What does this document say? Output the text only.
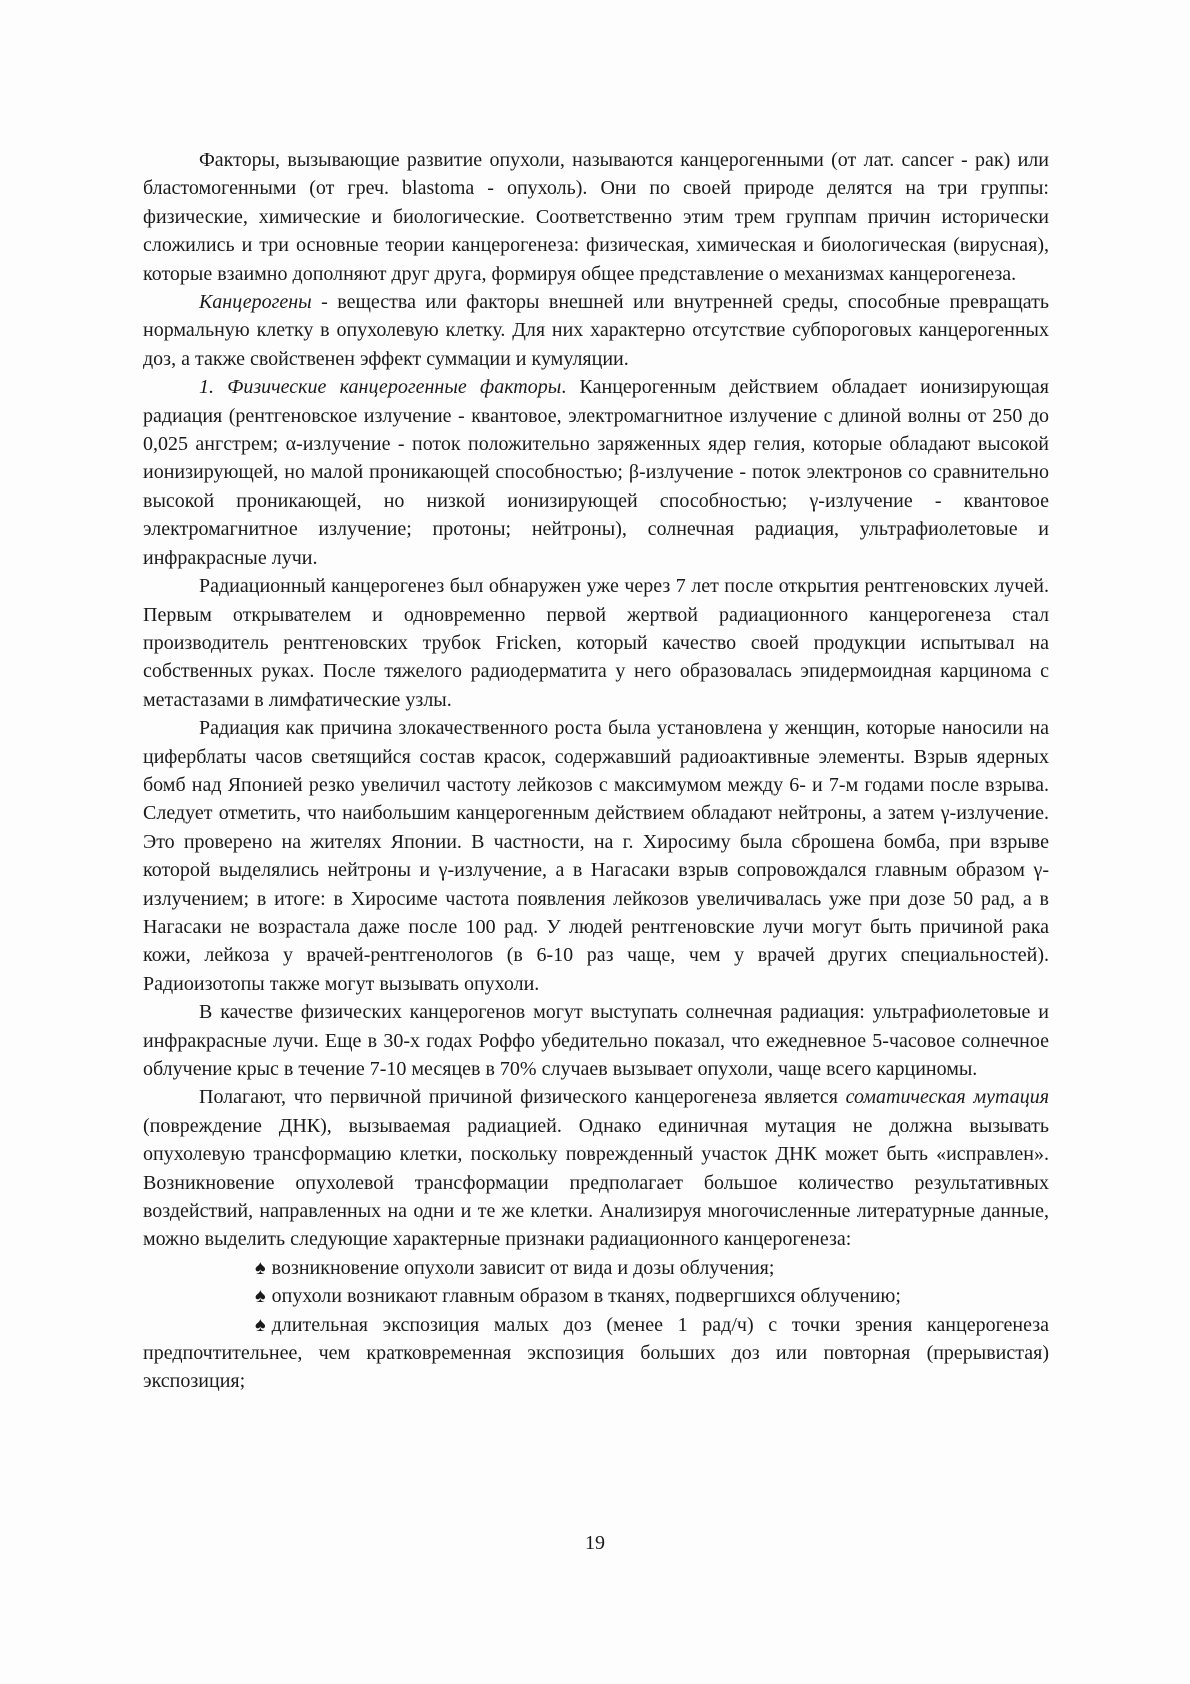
Факторы, вызывающие развитие опухоли, называются канцерогенными (от лат. cancer - рак) или бластомогенными (от греч. blastoma - опухоль). Они по своей природе делятся на три группы: физические, химические и биологические. Соответственно этим трем группам причин исторически сложились и три основные теории канцерогенеза: физическая, химическая и биологическая (вирусная), которые взаимно дополняют друг друга, формируя общее представление о механизмах канцерогенеза.

Канцерогены - вещества или факторы внешней или внутренней среды, способные превращать нормальную клетку в опухолевую клетку. Для них характерно отсутствие субпороговых канцерогенных доз, а также свойственен эффект суммации и кумуляции.

1. Физические канцерогенные факторы. Канцерогенным действием обладает ионизирующая радиация (рентгеновское излучение - квантовое, электромагнитное излучение с длиной волны от 250 до 0,025 ангстрем; α-излучение - поток положительно заряженных ядер гелия, которые обладают высокой ионизирующей, но малой проникающей способностью; β-излучение - поток электронов со сравнительно высокой проникающей, но низкой ионизирующей способностью; γ-излучение - квантовое электромагнитное излучение; протоны; нейтроны), солнечная радиация, ультрафиолетовые и инфракрасные лучи.

Радиационный канцерогенез был обнаружен уже через 7 лет после открытия рентгеновских лучей. Первым открывателем и одновременно первой жертвой радиационного канцерогенеза стал производитель рентгеновских трубок Fricken, который качество своей продукции испытывал на собственных руках. После тяжелого радиодерматита у него образовалась эпидермоидная карцинома с метастазами в лимфатические узлы.

Радиация как причина злокачественного роста была установлена у женщин, которые наносили на циферблаты часов светящийся состав красок, содержавший радиоактивные элементы. Взрыв ядерных бомб над Японией резко увеличил частоту лейкозов с максимумом между 6- и 7-м годами после взрыва. Следует отметить, что наибольшим канцерогенным действием обладают нейтроны, а затем γ-излучение. Это проверено на жителях Японии. В частности, на г. Хиросиму была сброшена бомба, при взрыве которой выделялись нейтроны и γ-излучение, а в Нагасаки взрыв сопровождался главным образом γ-излучением; в итоге: в Хиросиме частота появления лейкозов увеличивалась уже при дозе 50 рад, а в Нагасаки не возрастала даже после 100 рад. У людей рентгеновские лучи могут быть причиной рака кожи, лейкоза у врачей-рентгенологов (в 6-10 раз чаще, чем у врачей других специальностей). Радиоизотопы также могут вызывать опухоли.

В качестве физических канцерогенов могут выступать солнечная радиация: ультрафиолетовые и инфракрасные лучи. Еще в 30-х годах Роффо убедительно показал, что ежедневное 5-часовое солнечное облучение крыс в течение 7-10 месяцев в 70% случаев вызывает опухоли, чаще всего карциномы.

Полагают, что первичной причиной физического канцерогенеза является соматическая мутация (повреждение ДНК), вызываемая радиацией. Однако единичная мутация не должна вызывать опухолевую трансформацию клетки, поскольку поврежденный участок ДНК может быть «исправлен». Возникновение опухолевой трансформации предполагает большое количество результативных воздействий, направленных на одни и те же клетки. Анализируя многочисленные литературные данные, можно выделить следующие характерные признаки радиационного канцерогенеза:

♠ возникновение опухоли зависит от вида и дозы облучения;

♠ опухоли возникают главным образом в тканях, подвергшихся облучению;

♠ длительная экспозиция малых доз (менее 1 рад/ч) с точки зрения канцерогенеза предпочтительнее, чем кратковременная экспозиция больших доз или повторная (прерывистая) экспозиция;

19
